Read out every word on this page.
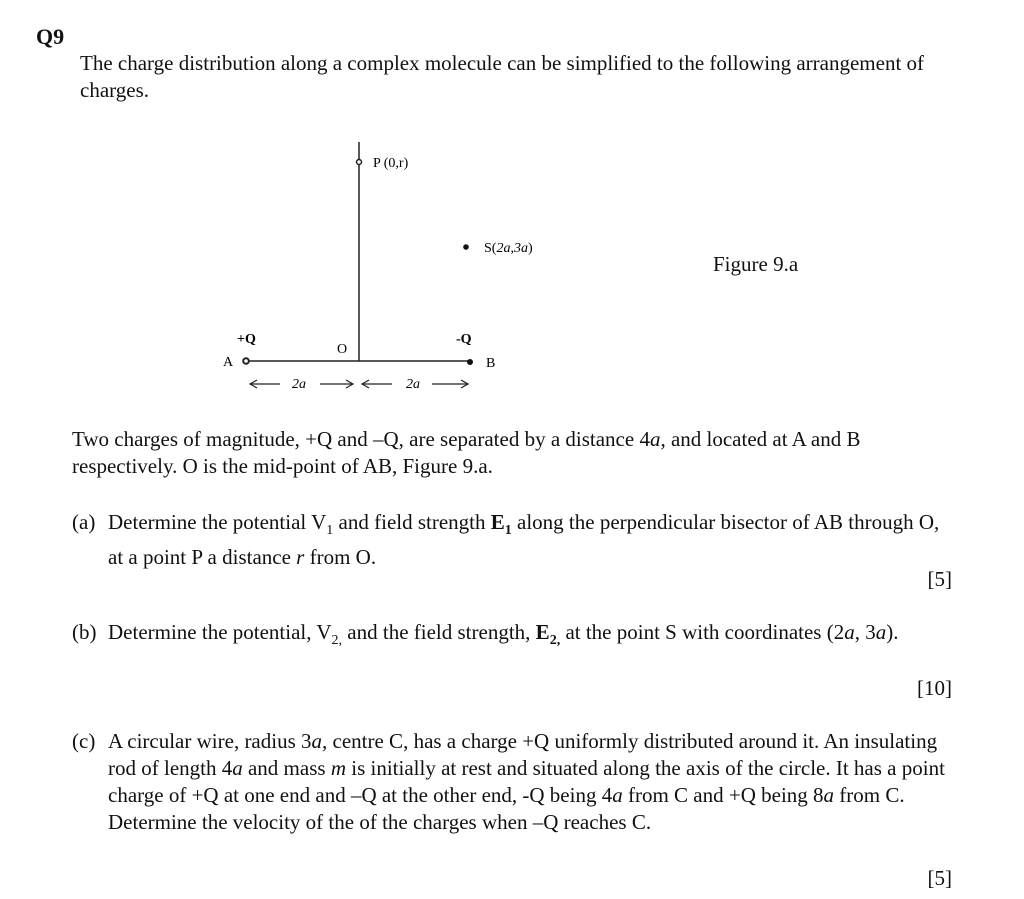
Q9
The charge distribution along a complex molecule can be simplified to the following arrangement of charges.
P (0,r)
S(2a,3a)
A
+Q
B
-Q
O
2a	2a
Figure 9.a
Two charges of magnitude, +Q and –Q, are separated by a distance 4a, and located at A and B respectively. O is the mid-point of AB, Figure 9.a.
(a) Determine the potential $V_1$ and field strength $E_1$ along the perpendicular bisector of AB through O, at a point P a distance r from O.
[5]
(b) Determine the potential, $V_{2,}$ and the field strength, $E_{2,}$ at the point S with coordinates (2a, 3a).
[10]
(c) A circular wire, radius 3a, centre C, has a charge +Q uniformly distributed around it. An insulating rod of length 4a and mass m is initially at rest and situated along the axis of the circle. It has a point charge of +Q at one end and –Q at the other end, -Q being 4a from C and +Q being 8a from C. Determine the velocity of the of the charges when –Q reaches C.
[5]
